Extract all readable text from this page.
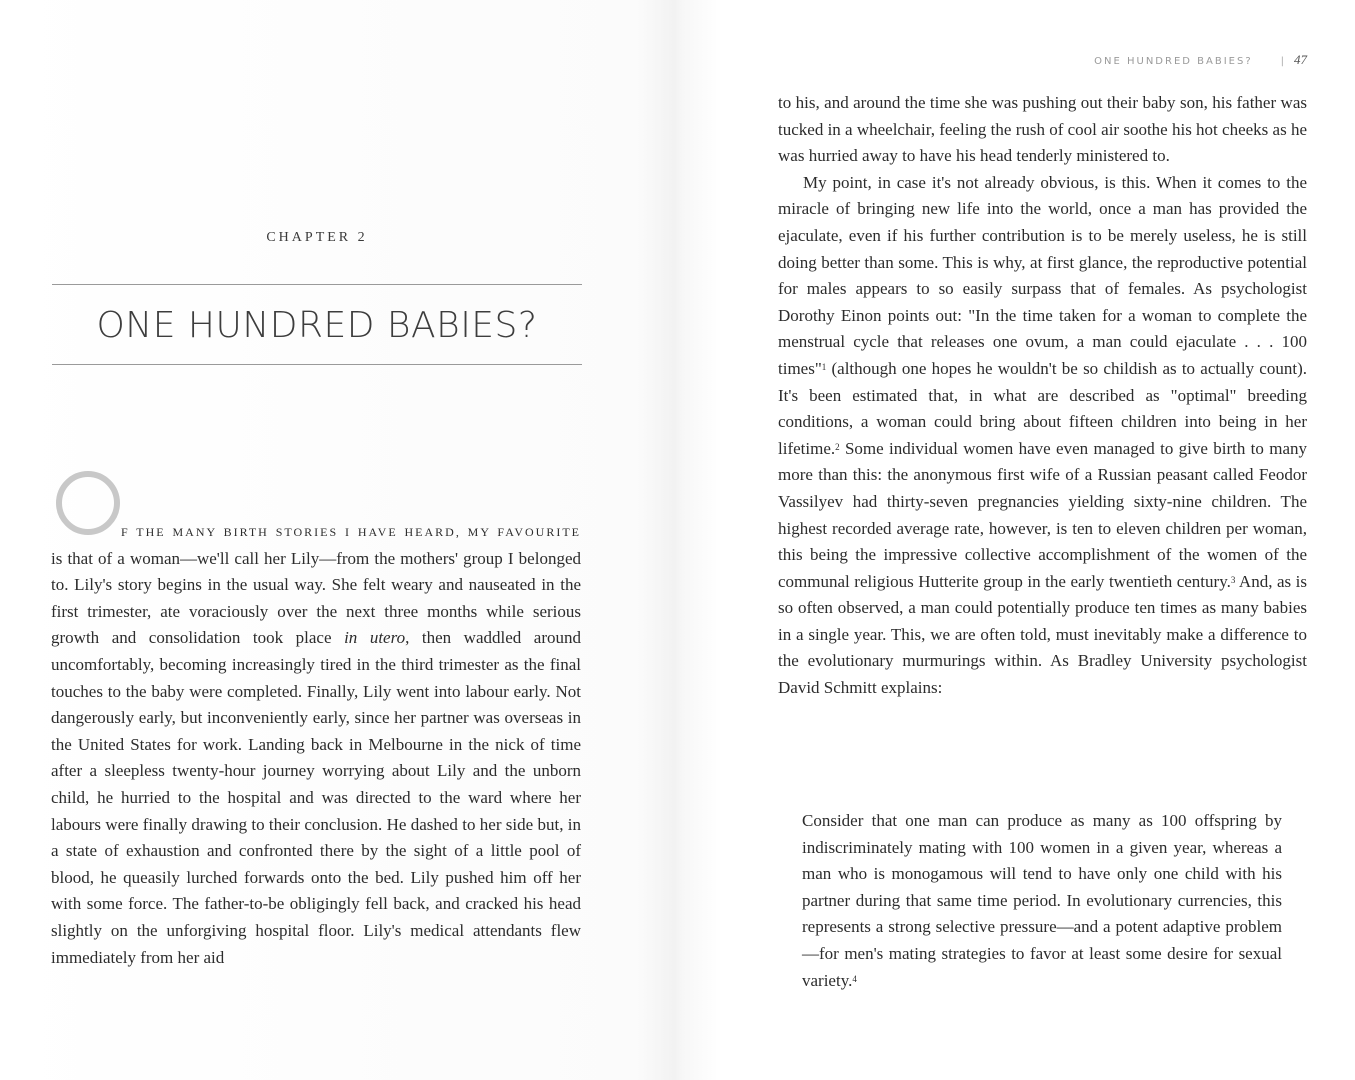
CHAPTER 2
ONE HUNDRED BABIES?
F THE MANY BIRTH STORIES I HAVE HEARD, MY FAVOURITE

is that of a woman—we'll call her Lily—from the mothers' group I belonged to. Lily's story begins in the usual way. She felt weary and nauseated in the first trimester, ate voraciously over the next three months while serious growth and consolidation took place in utero, then waddled around uncomfortably, becoming increasingly tired in the third trimester as the final touches to the baby were completed. Finally, Lily went into labour early. Not dangerously early, but inconveniently early, since her partner was overseas in the United States for work. Landing back in Melbourne in the nick of time after a sleepless twenty-hour journey worrying about Lily and the unborn child, he hurried to the hospital and was directed to the ward where her labours were finally drawing to their conclusion. He dashed to her side but, in a state of exhaustion and confronted there by the sight of a little pool of blood, he queasily lurched forwards onto the bed. Lily pushed him off her with some force. The father-to-be obligingly fell back, and cracked his head slightly on the unforgiving hospital floor. Lily's medical attendants flew immediately from her aid

ONE HUNDRED BABIES?	| 47

to his, and around the time she was pushing out their baby son, his father was tucked in a wheelchair, feeling the rush of cool air soothe his hot cheeks as he was hurried away to have his head tenderly ministered to.

My point, in case it's not already obvious, is this. When it comes to the miracle of bringing new life into the world, once a man has provided the ejaculate, even if his further contribution is to be merely useless, he is still doing better than some. This is why, at first glance, the reproductive potential for males appears to so easily surpass that of females. As psychologist Dorothy Einon points out: "In the time taken for a woman to complete the menstrual cycle that releases one ovum, a man could ejaculate . . . 100 times"$^1$ (although one hopes he wouldn't be so childish as to actually count). It's been estimated that, in what are described as "optimal" breeding conditions, a woman could bring about fifteen children into being in her lifetime.$^2$ Some individual women have even managed to give birth to many more than this: the anonymous first wife of a Russian peasant called Feodor Vassilyev had thirty-seven pregnancies yielding sixty-nine children. The highest recorded average rate, however, is ten to eleven children per woman, this being the impressive collective accomplishment of the women of the communal religious Hutterite group in the early twentieth century.$^3$ And, as is so often observed, a man could potentially produce ten times as many babies in a single year. This, we are often told, must inevitably make a difference to the evolutionary murmurings within. As Bradley University psychologist David Schmitt explains:

Consider that one man can produce as many as 100 offspring by indiscriminately mating with 100 women in a given year, whereas a man who is monogamous will tend to have only one child with his partner during that same time period. In evolutionary currencies, this represents a strong selective pressure—and a potent adaptive problem—for men's mating strategies to favor at least some desire for sexual variety.$^4$
